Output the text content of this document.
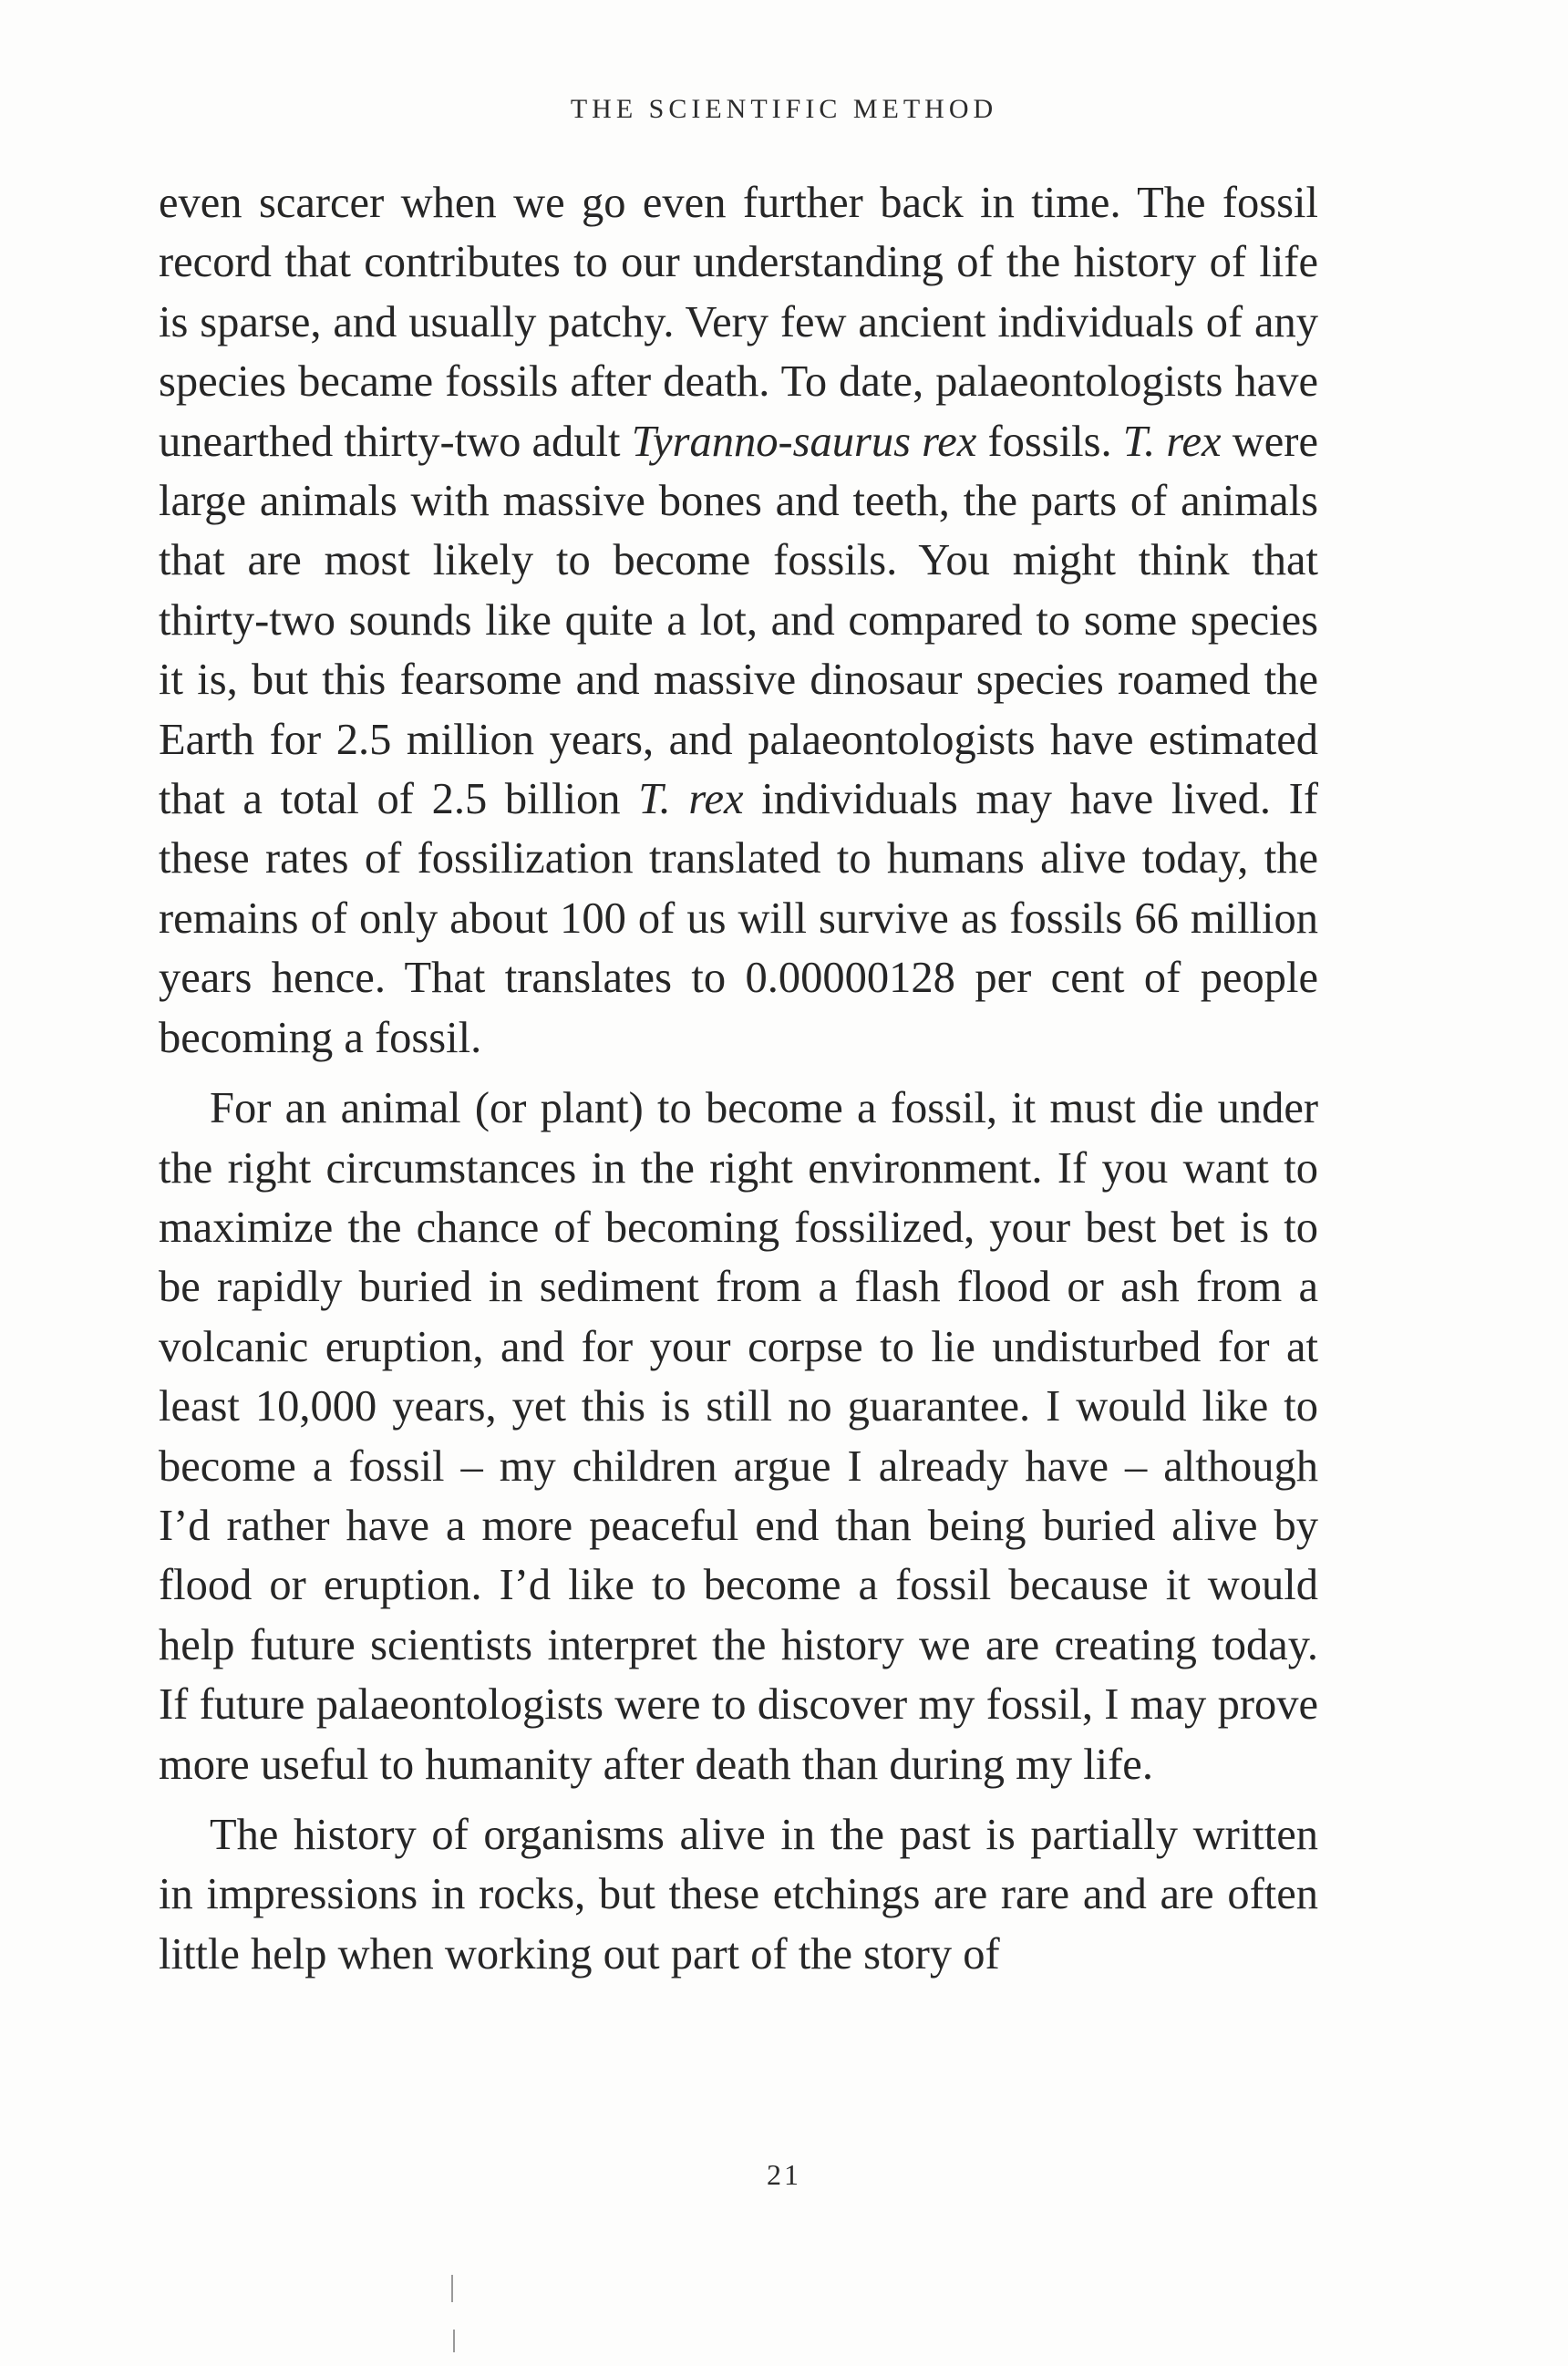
THE SCIENTIFIC METHOD

even scarcer when we go even further back in time. The fossil record that contributes to our understanding of the history of life is sparse, and usually patchy. Very few ancient individuals of any species became fossils after death. To date, palaeontologists have unearthed thirty-two adult Tyranno-saurus rex fossils. T. rex were large animals with massive bones and teeth, the parts of animals that are most likely to become fossils. You might think that thirty-two sounds like quite a lot, and compared to some species it is, but this fearsome and massive dinosaur species roamed the Earth for 2.5 million years, and palaeontologists have estimated that a total of 2.5 billion T. rex individuals may have lived. If these rates of fossilization translated to humans alive today, the remains of only about 100 of us will survive as fossils 66 million years hence. That translates to 0.00000128 per cent of people becoming a fossil.

For an animal (or plant) to become a fossil, it must die under the right circumstances in the right environment. If you want to maximize the chance of becoming fossilized, your best bet is to be rapidly buried in sediment from a flash flood or ash from a volcanic eruption, and for your corpse to lie undisturbed for at least 10,000 years, yet this is still no guarantee. I would like to become a fossil – my children argue I already have – although I’d rather have a more peaceful end than being buried alive by flood or eruption. I’d like to become a fossil because it would help future scientists interpret the history we are creating today. If future palaeontologists were to discover my fossil, I may prove more useful to humanity after death than during my life.

The history of organisms alive in the past is partially written in impressions in rocks, but these etchings are rare and are often little help when working out part of the story of

21
